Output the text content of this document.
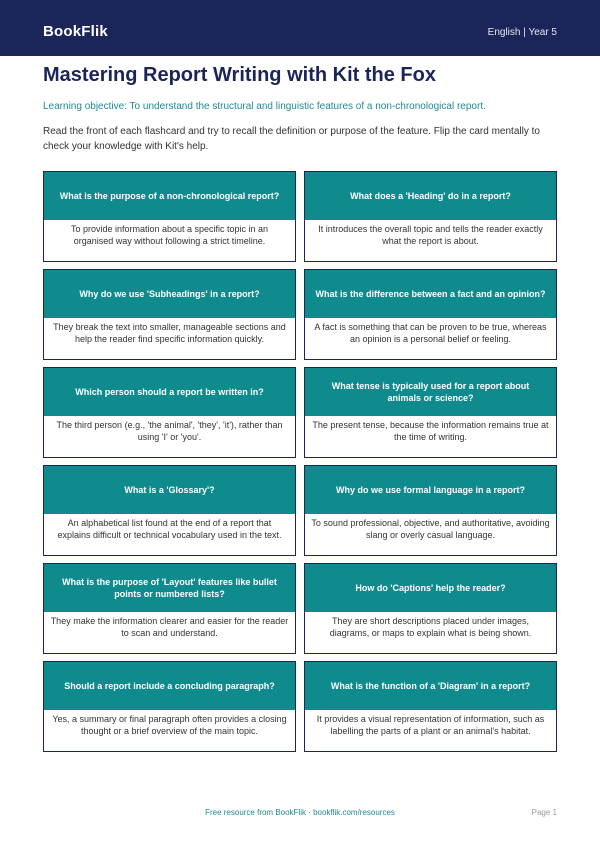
BookFlik	English | Year 5
Mastering Report Writing with Kit the Fox
Learning objective: To understand the structural and linguistic features of a non-chronological report.

Read the front of each flashcard and try to recall the definition or purpose of the feature. Flip the card mentally to check your knowledge with Kit's help.

What is the purpose of a non-chronological report?
To provide information about a specific topic in an organised way without following a strict timeline.
What does a 'Heading' do in a report?
It introduces the overall topic and tells the reader exactly what the report is about.
Why do we use 'Subheadings' in a report?
They break the text into smaller, manageable sections and help the reader find specific information quickly.
What is the difference between a fact and an opinion?
A fact is something that can be proven to be true, whereas an opinion is a personal belief or feeling.
Which person should a report be written in?
The third person (e.g., 'the animal', 'they', 'it'), rather than using 'I' or 'you'.
What tense is typically used for a report about animals or science?
The present tense, because the information remains true at the time of writing.
What is a 'Glossary'?
An alphabetical list found at the end of a report that explains difficult or technical vocabulary used in the text.
Why do we use formal language in a report?
To sound professional, objective, and authoritative, avoiding slang or overly casual language.
What is the purpose of 'Layout' features like bullet points or numbered lists?
They make the information clearer and easier for the reader to scan and understand.
How do 'Captions' help the reader?
They are short descriptions placed under images, diagrams, or maps to explain what is being shown.
Should a report include a concluding paragraph?
Yes, a summary or final paragraph often provides a closing thought or a brief overview of the main topic.
What is the function of a 'Diagram' in a report?
It provides a visual representation of information, such as labelling the parts of a plant or an animal's habitat.
Free resource from BookFlik · bookflik.com/resources	Page 1
